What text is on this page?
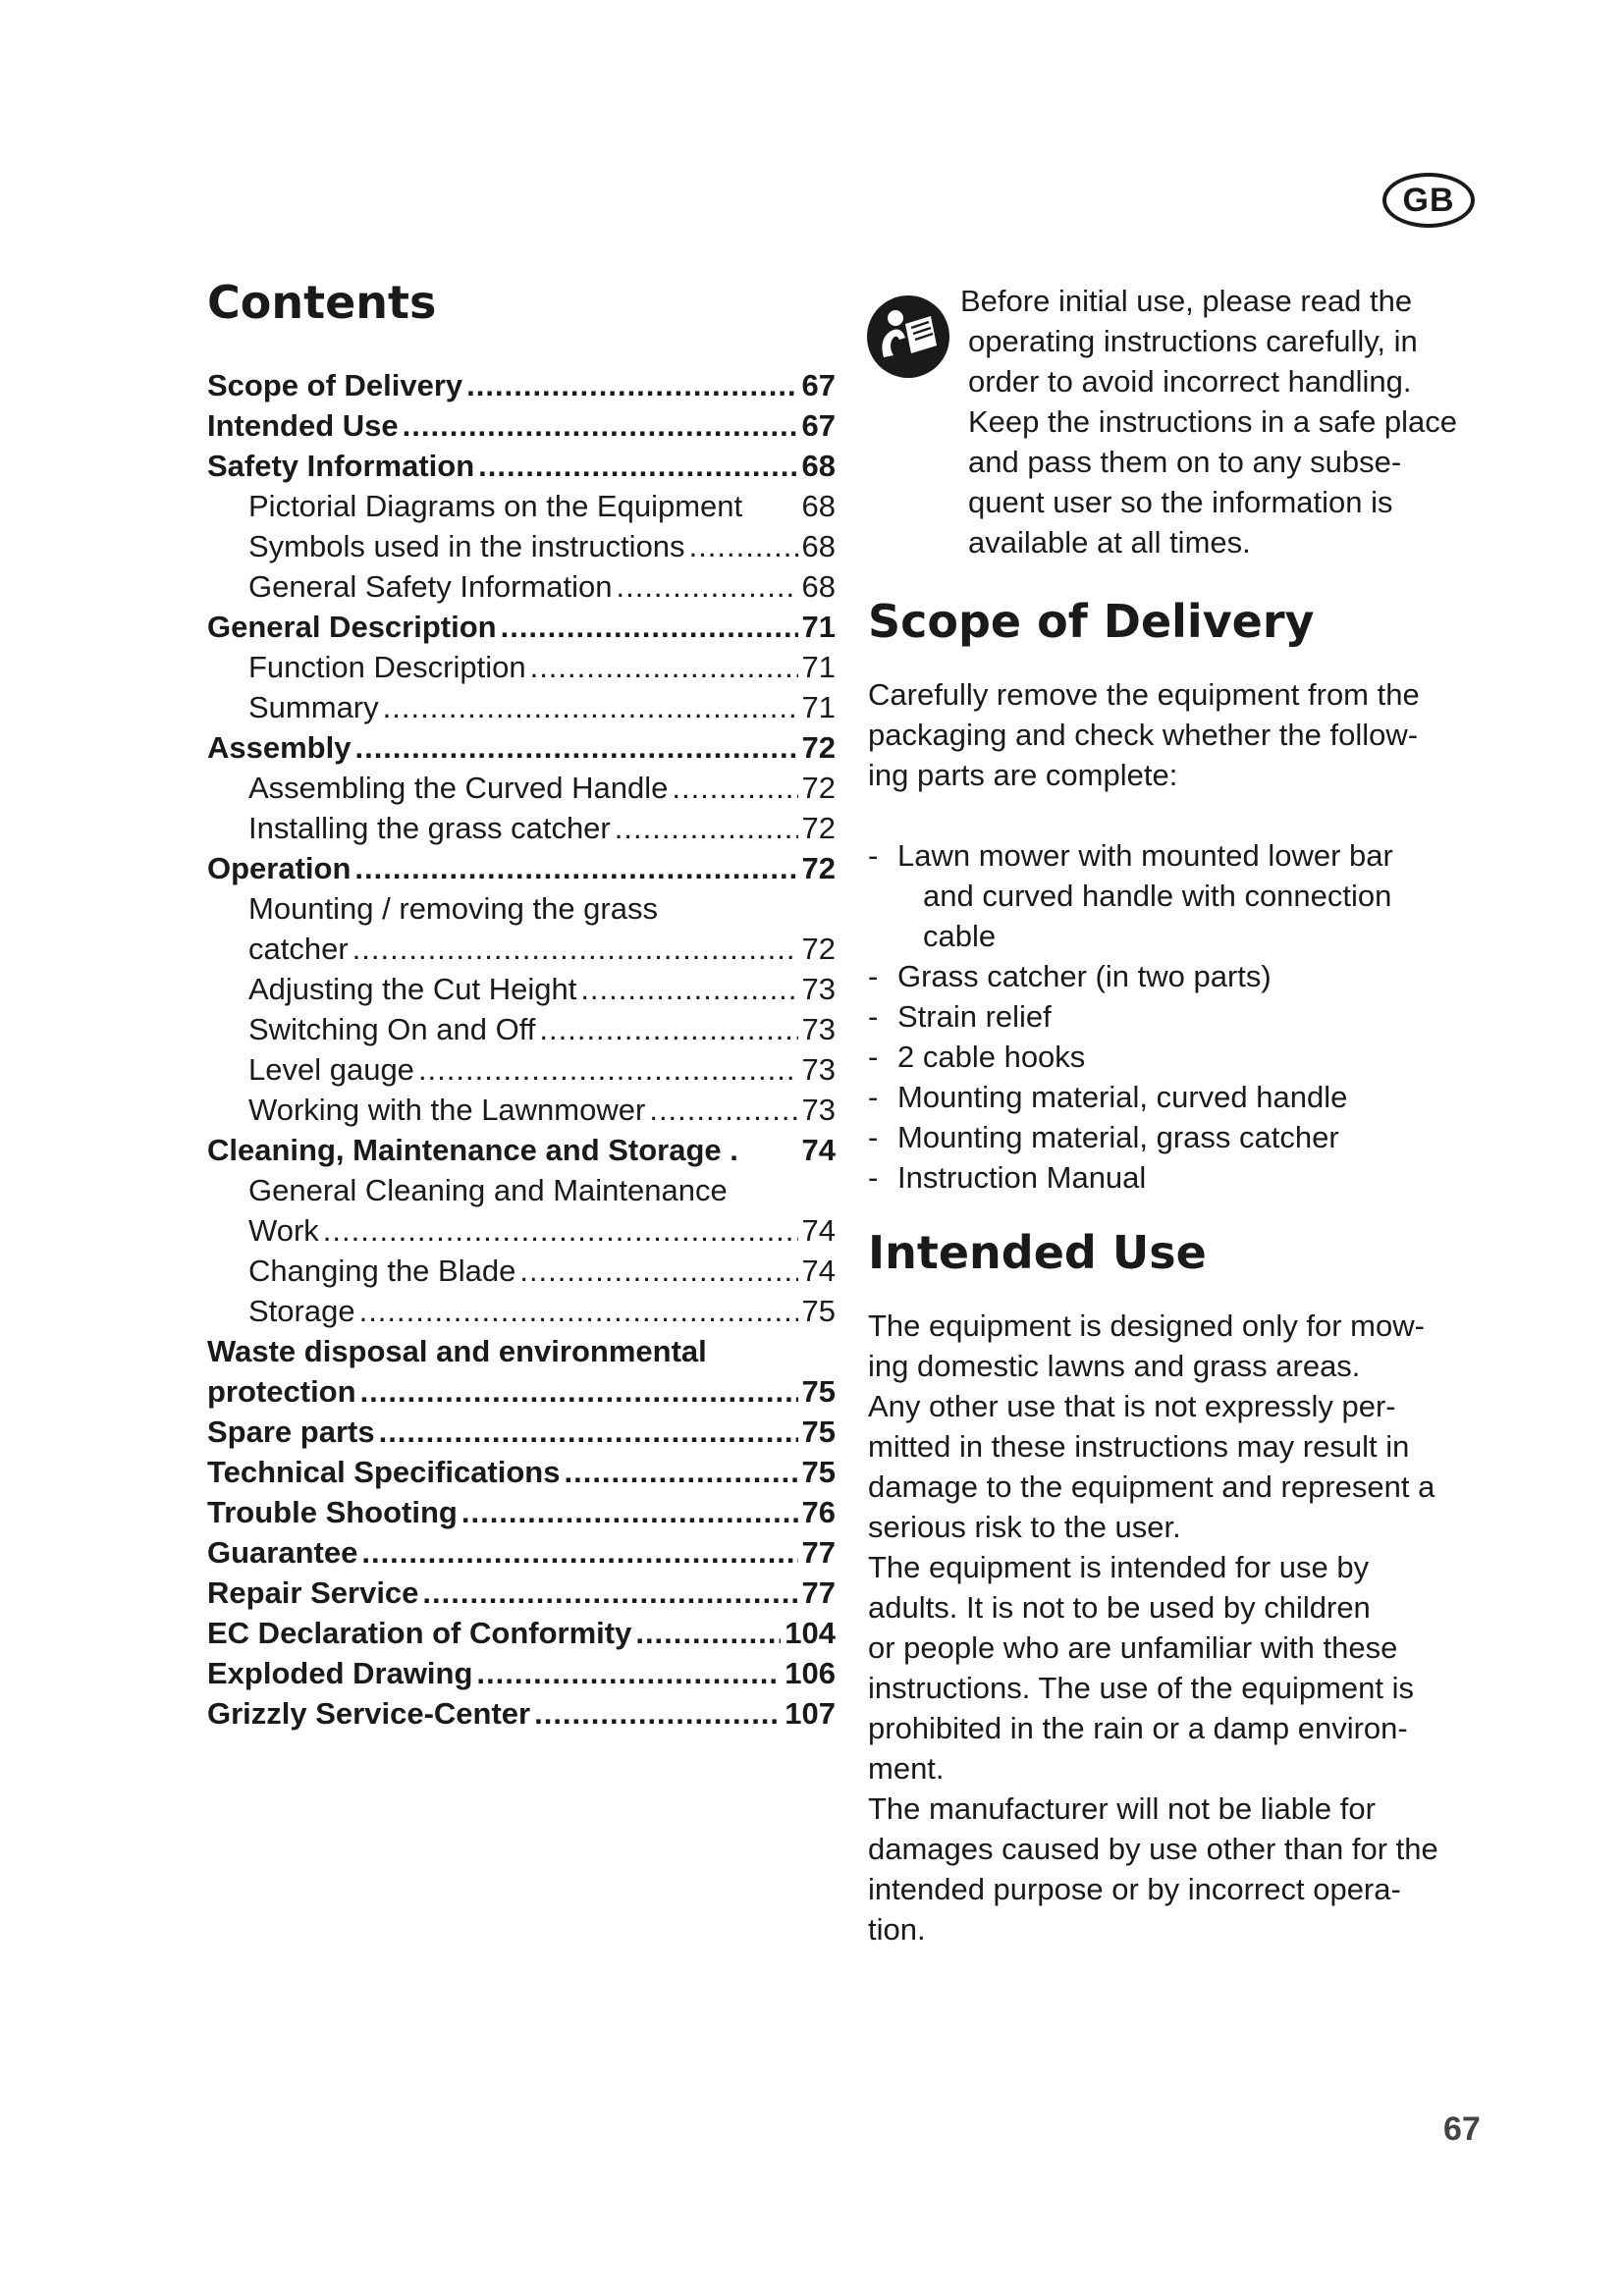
GB
Contents
Scope of Delivery .....	67
Intended Use .....	67
Safety Information .....	68
Pictorial Diagrams on the Equipment 68
Symbols used in the instructions .....	68
General Safety Information .....	68
General Description .....	71
Function Description .....	71
Summary .....	71
Assembly .....	72
Assembling the Curved Handle .....	72
Installing the grass catcher .....	72
Operation .....	72
Mounting / removing the grass
catcher .....	72
Adjusting the Cut Height .....	73
Switching On and Off .....	73
Level gauge .....	73
Working with the Lawnmower .....	73
Cleaning, Maintenance and Storage . 74
General Cleaning and Maintenance
Work .....	74
Changing the Blade .....	74
Storage .....	75
Waste disposal and environmental
protection .....	75
Spare parts .....	75
Technical Specifications .....	75
Trouble Shooting .....	76
Guarantee .....	77
Repair Service .....	77
EC Declaration of Conformity .....	104
Exploded Drawing .....	106
Grizzly Service-Center .....	107
Before initial use, please read the
operating instructions carefully, in
order to avoid incorrect handling.
Keep the instructions in a safe place
and pass them on to any subse-
quent user so the information is
available at all times.
Scope of Delivery
Carefully remove the equipment from the
packaging and check whether the follow-
ing parts are complete:
- Lawn mower with mounted lower bar
and curved handle with connection
cable
- Grass catcher (in two parts)
- Strain relief
- 2 cable hooks
- Mounting material, curved handle
- Mounting material, grass catcher
- Instruction Manual
Intended Use
The equipment is designed only for mow-
ing domestic lawns and grass areas.
Any other use that is not expressly per-
mitted in these instructions may result in
damage to the equipment and represent a
serious risk to the user.
The equipment is intended for use by
adults. It is not to be used by children
or people who are unfamiliar with these
instructions. The use of the equipment is
prohibited in the rain or a damp environ-
ment.
The manufacturer will not be liable for
damages caused by use other than for the
intended purpose or by incorrect opera-
tion.
67
